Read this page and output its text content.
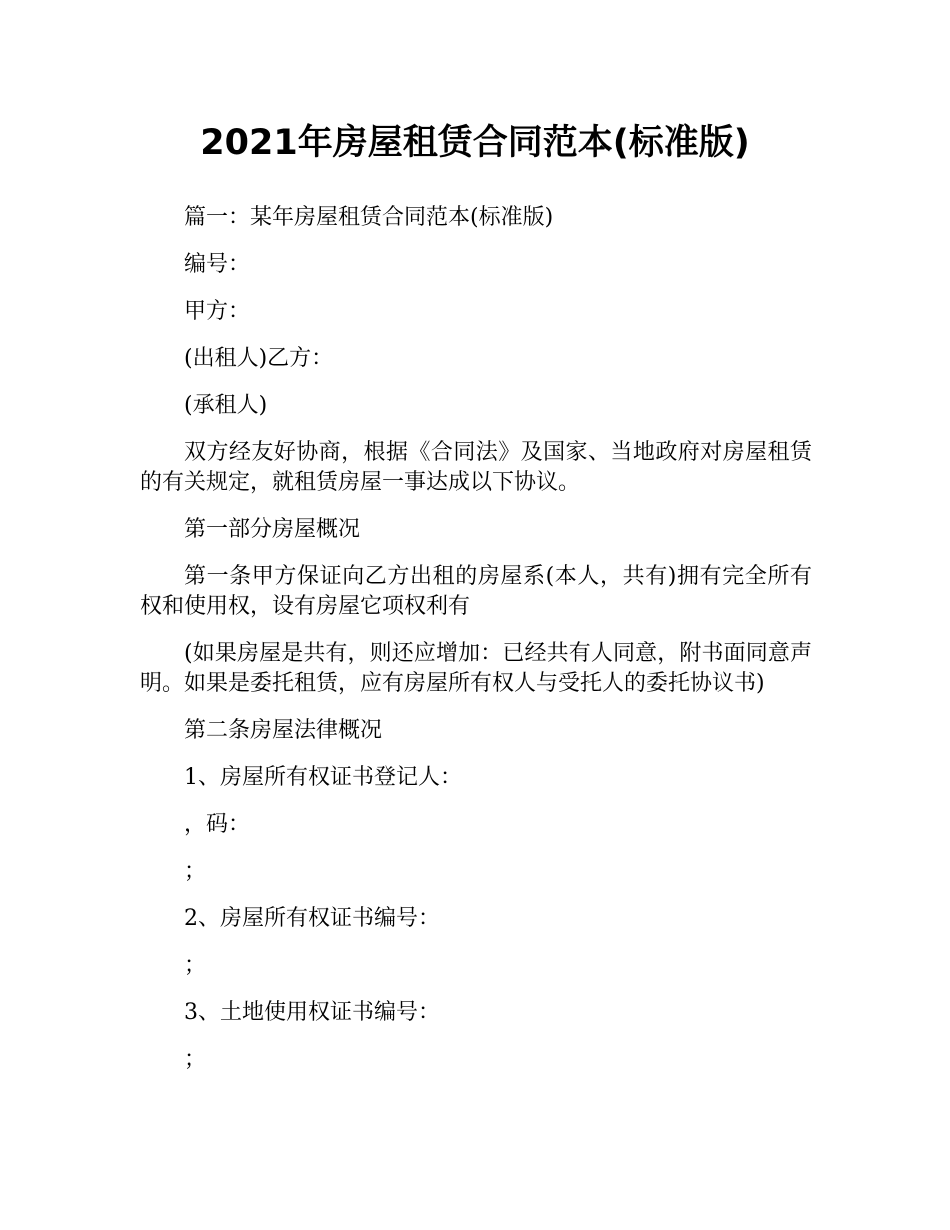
2021年房屋租赁合同范本(标准版)

篇一：某年房屋租赁合同范本(标准版)

编号：

甲方：

(出租人)乙方：

(承租人)

双方经友好协商，根据《合同法》及国家、当地政府对房屋租赁的有关规定，就租赁房屋一事达成以下协议。

第一部分房屋概况

第一条甲方保证向乙方出租的房屋系(本人，共有)拥有完全所有权和使用权，设有房屋它项权利有

(如果房屋是共有，则还应增加：已经共有人同意，附书面同意声明。如果是委托租赁，应有房屋所有权人与受托人的委托协议书)

第二条房屋法律概况

1、房屋所有权证书登记人：

，码：

；

2、房屋所有权证书编号：

；

3、土地使用权证书编号：

；
